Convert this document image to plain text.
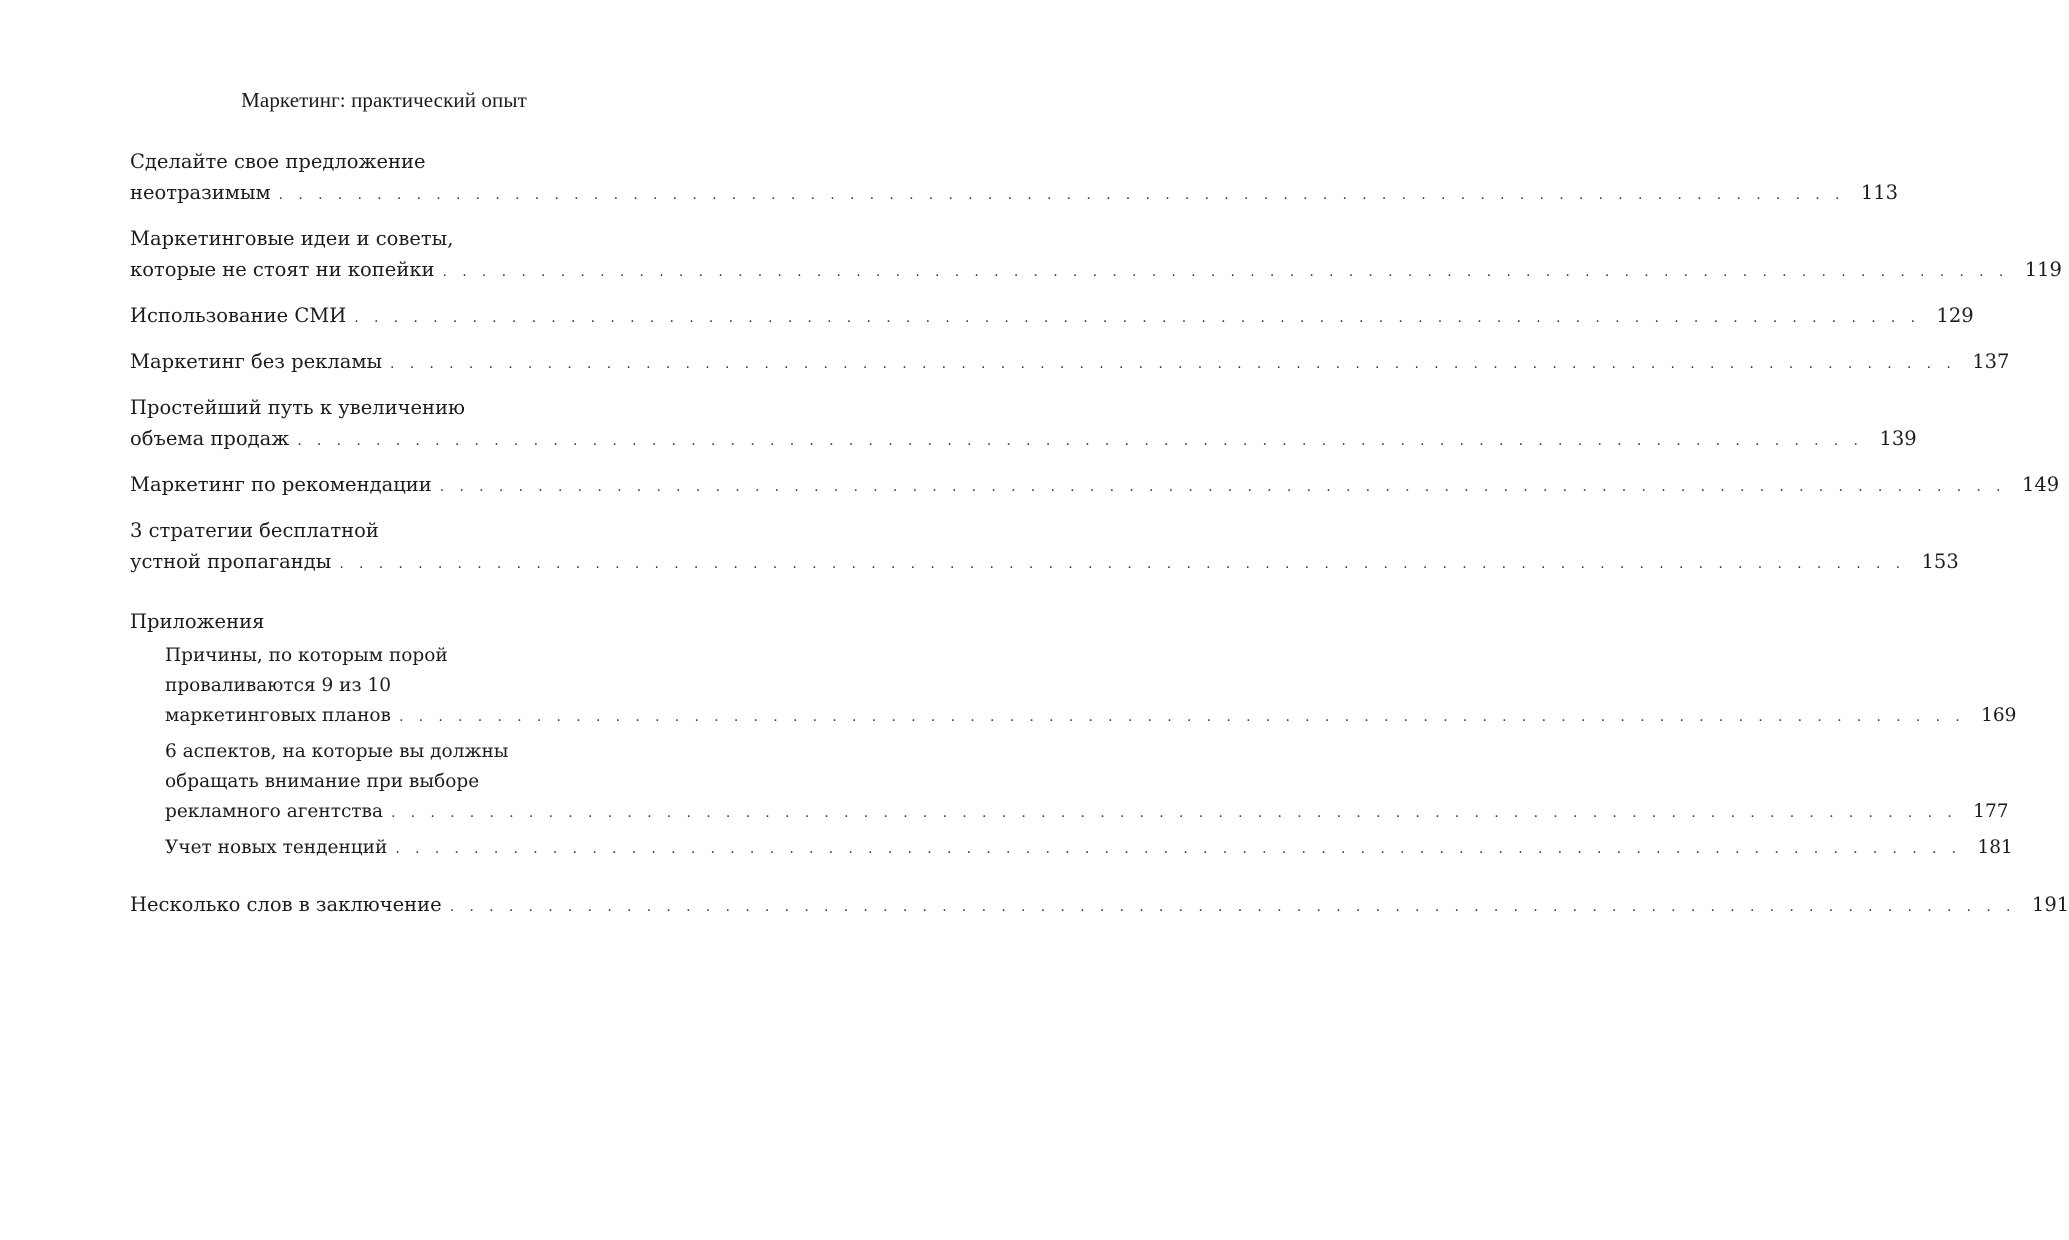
Маркетинг: практический опыт
Сделайте свое предложение
неотразимым . . . . . . . . . . . . . . . . . . . . . . . . . . . . . . . . . . . . . . . . . . . . . . . . . . . . . . . . . . . . . . . . . . . . . . . . . . . . . . . . 113
Маркетинговые идеи и советы,
которые не стоят ни копейки . . . . . . . . . . . . . . . . . . . . . . . . . . . . . . . . . . . . . . . . . . . . . . . . . . . . . . . . . . . . . . . . . . . . . . . . . . . . . . . . 119
Использование СМИ . . . . . . . . . . . . . . . . . . . . . . . . . . . . . . . . . . . . . . . . . . . . . . . . . . . . . . . . . . . . . . . . . . . . . . . . . . . . . . . . 129
Маркетинг без рекламы . . . . . . . . . . . . . . . . . . . . . . . . . . . . . . . . . . . . . . . . . . . . . . . . . . . . . . . . . . . . . . . . . . . . . . . . . . . . . . . . 137
Простейший путь к увеличению
объема продаж . . . . . . . . . . . . . . . . . . . . . . . . . . . . . . . . . . . . . . . . . . . . . . . . . . . . . . . . . . . . . . . . . . . . . . . . . . . . . . . . 139
Маркетинг по рекомендации . . . . . . . . . . . . . . . . . . . . . . . . . . . . . . . . . . . . . . . . . . . . . . . . . . . . . . . . . . . . . . . . . . . . . . . . . . . . . . . . 149
3 стратегии бесплатной
устной пропаганды . . . . . . . . . . . . . . . . . . . . . . . . . . . . . . . . . . . . . . . . . . . . . . . . . . . . . . . . . . . . . . . . . . . . . . . . . . . . . . . . 153
Приложения
Причины, по которым порой
проваливаются 9 из 10
маркетинговых планов . . . . . . . . . . . . . . . . . . . . . . . . . . . . . . . . . . . . . . . . . . . . . . . . . . . . . . . . . . . . . . . . . . . . . . . . . . . . . . . . 169
6 аспектов, на которые вы должны
обращать внимание при выборе
рекламного агентства . . . . . . . . . . . . . . . . . . . . . . . . . . . . . . . . . . . . . . . . . . . . . . . . . . . . . . . . . . . . . . . . . . . . . . . . . . . . . . . . 177
Учет новых тенденций . . . . . . . . . . . . . . . . . . . . . . . . . . . . . . . . . . . . . . . . . . . . . . . . . . . . . . . . . . . . . . . . . . . . . . . . . . . . . . . . 181
Несколько слов в заключение . . . . . . . . . . . . . . . . . . . . . . . . . . . . . . . . . . . . . . . . . . . . . . . . . . . . . . . . . . . . . . . . . . . . . . . . . . . . . . . . 191
